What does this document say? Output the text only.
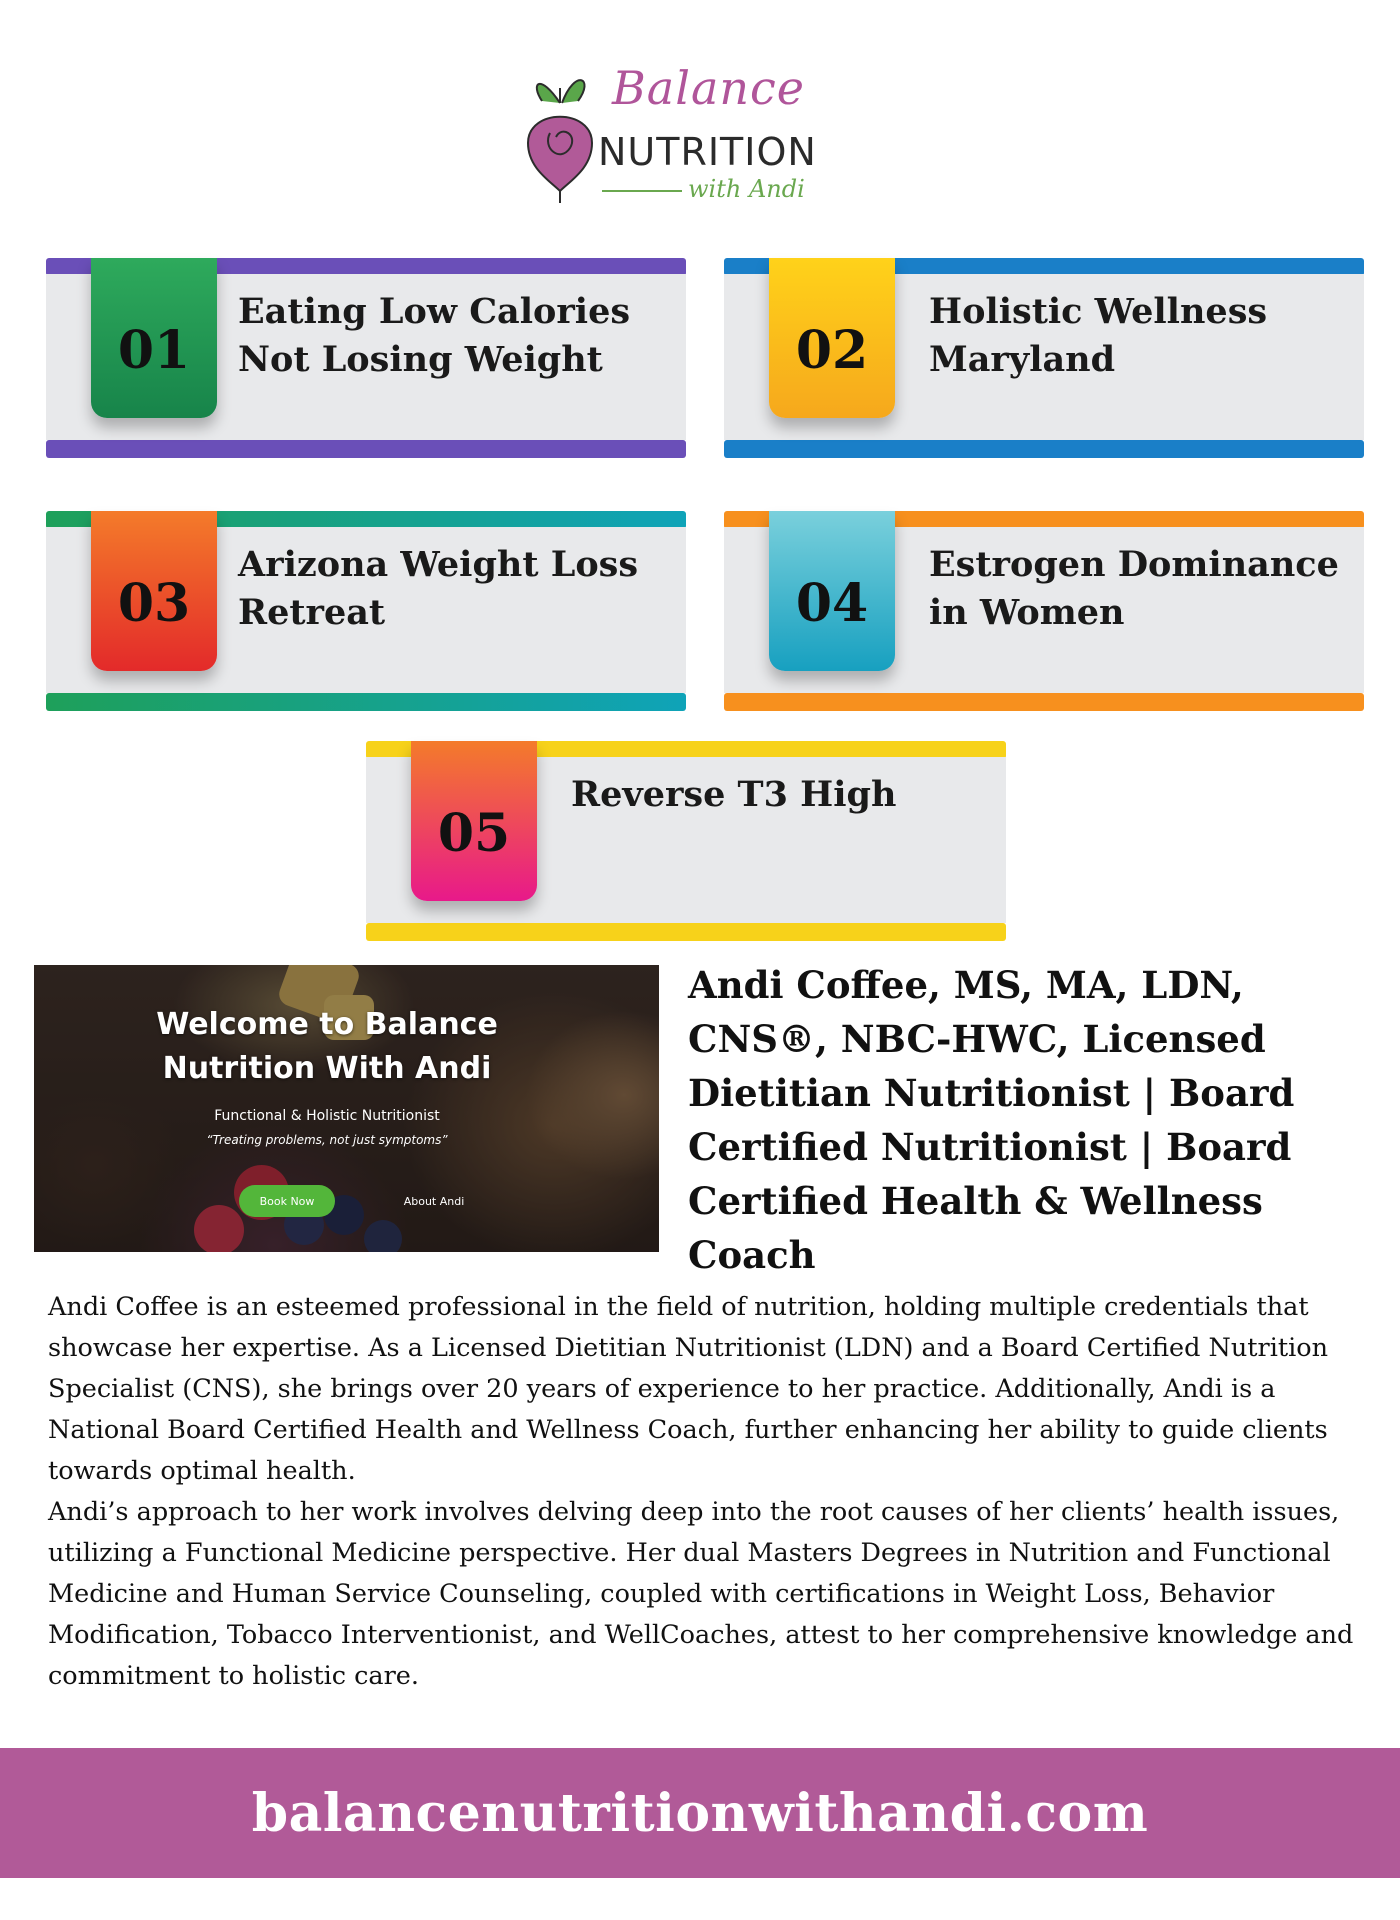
Balance
NUTRITION
with Andi
01
Eating Low Calories Not Losing Weight	02
Holistic Wellness Maryland
03
Arizona Weight Loss Retreat	04
Estrogen Dominance in Women
05
Reverse T3 High
Welcome to Balance Nutrition With Andi
Functional & Holistic Nutritionist
“Treating problems, not just symptoms”
Book Now	About Andi
Andi Coffee, MS, MA, LDN, CNS®, NBC-HWC, Licensed Dietitian Nutritionist | Board Certified Nutritionist | Board Certified Health & Wellness Coach

Andi Coffee is an esteemed professional in the field of nutrition, holding multiple credentials that showcase her expertise. As a Licensed Dietitian Nutritionist (LDN) and a Board Certified Nutrition Specialist (CNS), she brings over 20 years of experience to her practice. Additionally, Andi is a National Board Certified Health and Wellness Coach, further enhancing her ability to guide clients towards optimal health.

Andi’s approach to her work involves delving deep into the root causes of her clients’ health issues, utilizing a Functional Medicine perspective. Her dual Masters Degrees in Nutrition and Functional Medicine and Human Service Counseling, coupled with certifications in Weight Loss, Behavior Modification, Tobacco Interventionist, and WellCoaches, attest to her comprehensive knowledge and commitment to holistic care.

balancenutritionwithandi.com
